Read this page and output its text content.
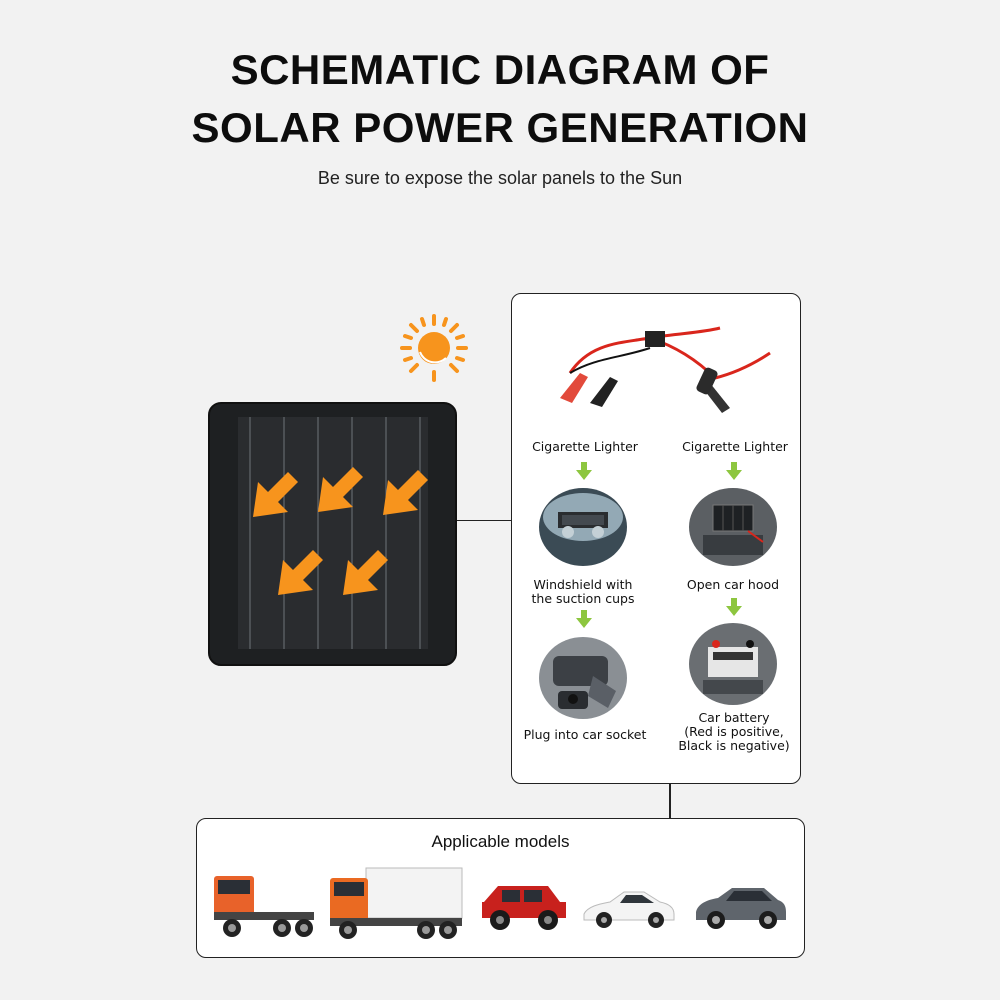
SCHEMATIC DIAGRAM OF
SOLAR POWER GENERATION
Be sure to expose the solar panels to the Sun
Cigarette Lighter
Windshield with
the suction cups
Plug into car socket
Cigarette Lighter
Open car hood
Car battery
(Red is positive,
Black is negative)
Applicable models
